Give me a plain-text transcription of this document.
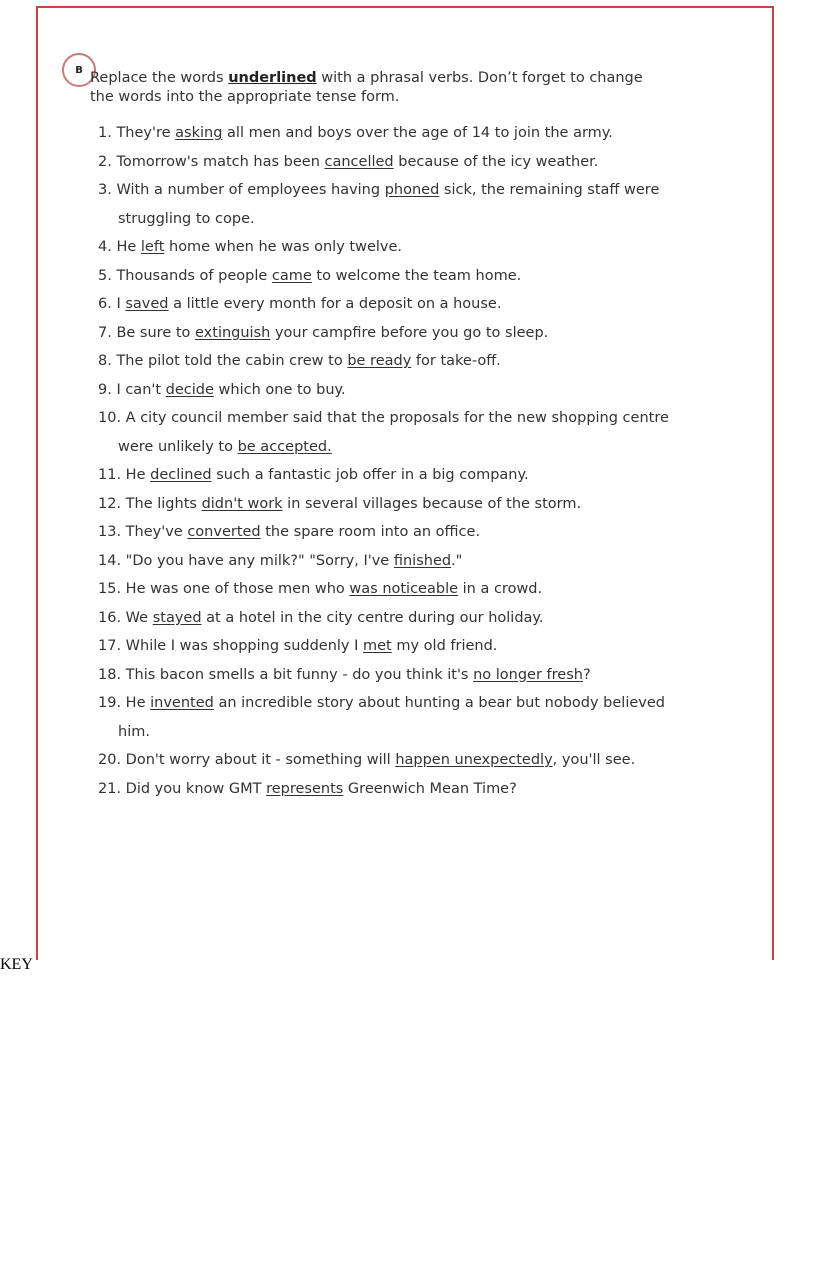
B Replace the words underlined with a phrasal verbs. Don’t forget to change
the words into the appropriate tense form.
1. They're asking all men and boys over the age of 14 to join the army.
2. Tomorrow's match has been cancelled because of the icy weather.
3. With a number of employees having phoned sick, the remaining staff were
struggling to cope.
4. He left home when he was only twelve.
5. Thousands of people came to welcome the team home.
6. I saved a little every month for a deposit on a house.
7. Be sure to extinguish your campfire before you go to sleep.
8. The pilot told the cabin crew to be ready for take-off.
9. I can't decide which one to buy.
10. A city council member said that the proposals for the new shopping centre
were unlikely to be accepted.
11. He declined such a fantastic job offer in a big company.
12. The lights didn't work in several villages because of the storm.
13. They've converted the spare room into an office.
14. "Do you have any milk?" "Sorry, I've finished."
15. He was one of those men who was noticeable in a crowd.
16. We stayed at a hotel in the city centre during our holiday.
17. While I was shopping suddenly I met my old friend.
18. This bacon smells a bit funny - do you think it's no longer fresh?
19. He invented an incredible story about hunting a bear but nobody believed
him.
20. Don't worry about it - something will happen unexpectedly, you'll see.
21. Did you know GMT represents Greenwich Mean Time?
KEY
